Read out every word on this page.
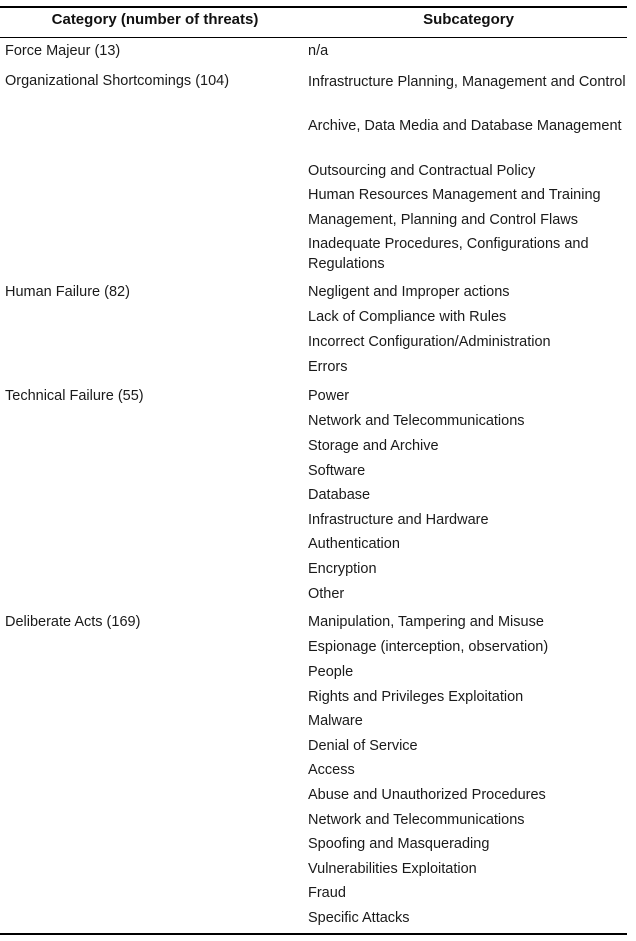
Category (number of threats)	Subcategory
Force Majeur (13)	n/a
Organizational Shortcomings (104)	Infrastructure Planning, Management and Control
Archive, Data Media and Database Management
Outsourcing and Contractual Policy
Human Resources Management and Training
Management, Planning and Control Flaws
Inadequate Procedures, Configurations and Regulations
Human Failure (82)	Negligent and Improper actions
Lack of Compliance with Rules
Incorrect Configuration/Administration
Errors
Technical Failure (55)	Power
Network and Telecommunications
Storage and Archive
Software
Database
Infrastructure and Hardware
Authentication
Encryption
Other
Deliberate Acts (169)	Manipulation, Tampering and Misuse
Espionage (interception, observation)
People
Rights and Privileges Exploitation
Malware
Denial of Service
Access
Abuse and Unauthorized Procedures
Network and Telecommunications
Spoofing and Masquerading
Vulnerabilities Exploitation
Fraud
Specific Attacks
